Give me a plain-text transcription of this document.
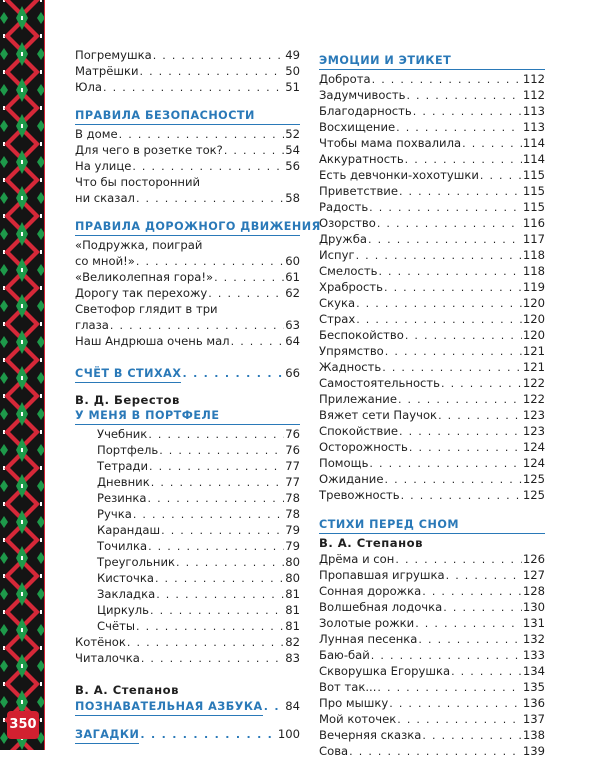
Погремушка . . .	49
Матрёшки . . .	50
Юла . . .	51
ПРАВИЛА БЕЗОПАСНОСТИ
В доме . . .	52
Для чего в розетке ток? . . .	54
На улице . . .	56
Что бы посторонний
ни сказал . . .	58
ПРАВИЛА ДОРОЖНОГО ДВИЖЕНИЯ
«Подружка, поиграй
со мной!» . . .	60
«Великолепная гора!» . . .	61
Дорогу так перехожу . . .	62
Светофор глядит в три
глаза . . .	63
Наш Андрюша очень мал . . .	64
СЧЁТ В СТИХАХ . . .	66
В. Д. Берестов
У МЕНЯ В ПОРТФЕЛЕ
Учебник . . .	76
Портфель . . .	76
Тетради . . .	77
Дневник . . .	77
Резинка . . .	78
Ручка . . .	78
Карандаш . . .	79
Точилка . . .	79
Треугольник . . .	80
Кисточка . . .	80
Закладка . . .	81
Циркуль . . .	81
Счёты . . .	81
Котёнок . . .	82
Читалочка . . .	83
В. А. Степанов
ПОЗНАВАТЕЛЬНАЯ АЗБУКА . . . 84
ЗАГАДКИ . . .	100
ЭМОЦИИ И ЭТИКЕТ
Доброта . . .	112
Задумчивость . . .	112
Благодарность . . .	113
Восхищение . . .	113
Чтобы мама похвалила . . .	114
Аккуратность . . .	114
Есть девчонки-хохотушки . . .	115
Приветствие . . .	115
Радость . . .	115
Озорство . . .	116
Дружба . . .	117
Испуг . . .	118
Смелость . . .	118
Храбрость . . .	119
Скука . . .	120
Страх . . .	120
Беспокойство . . .	120
Упрямство . . .	121
Жадность . . .	121
Самостоятельность . . .	122
Прилежание . . .	122
Вяжет сети Паучок . . .	123
Спокойствие . . .	123
Осторожность . . .	124
Помощь . . .	124
Ожидание . . .	125
Тревожность . . .	125
СТИХИ ПЕРЕД СНОМ
В. А. Степанов
Дрёма и сон . . .	126
Пропавшая игрушка . . .	127
Сонная дорожка . . .	128
Волшебная лодочка . . .	130
Золотые рожки . . .	131
Лунная песенка . . .	132
Баю-бай . . .	133
Скворушка Егорушка . . .	134
Вот так... . . .	135
Про мышку . . .	136
Мой коточек . . .	137
Вечерняя сказка . . .	138
Сова . . .	139
350
